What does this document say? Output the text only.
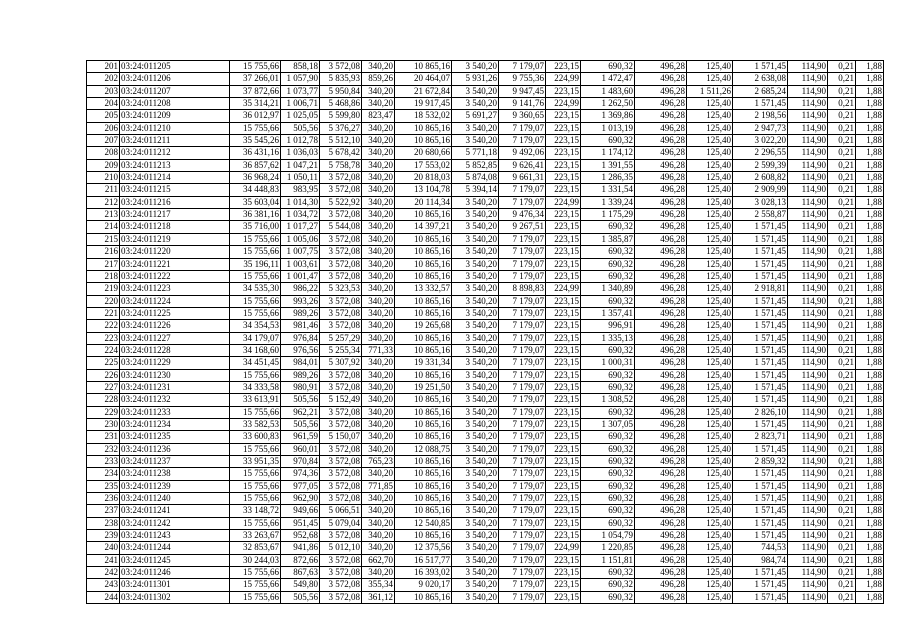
201	03:24:011205	15 755,66	858,18	3 572,08	340,20	10 865,16	3 540,20	7 179,07	223,15	690,32	496,28	125,40	1 571,45	114,90	0,21	1,88
202	03:24:011206	37 266,01	1 057,90	5 835,93	859,26	20 464,07	5 931,26	9 755,36	224,99	1 472,47	496,28	125,40	2 638,08	114,90	0,21	1,88
203	03:24:011207	37 872,66	1 073,77	5 950,84	340,20	21 672,84	3 540,20	9 947,45	223,15	1 483,60	496,28	1 511,26	2 685,24	114,90	0,21	1,88
204	03:24:011208	35 314,21	1 006,71	5 468,86	340,20	19 917,45	3 540,20	9 141,76	224,99	1 262,50	496,28	125,40	1 571,45	114,90	0,21	1,88
205	03:24:011209	36 012,97	1 025,05	5 599,80	823,47	18 532,02	5 691,27	9 360,65	223,15	1 369,86	496,28	125,40	2 198,56	114,90	0,21	1,88
206	03:24:011210	15 755,66	505,56	5 376,27	340,20	10 865,16	3 540,20	7 179,07	223,15	1 013,19	496,28	125,40	2 947,73	114,90	0,21	1,88
207	03:24:011211	35 545,26	1 012,78	5 512,10	340,20	10 865,16	3 540,20	7 179,07	223,15	690,32	496,28	125,40	3 022,20	114,90	0,21	1,88
208	03:24:011212	36 431,16	1 036,03	5 678,42	340,20	20 680,66	5 771,18	9 492,06	223,15	1 174,12	496,28	125,40	2 296,55	114,90	0,21	1,88
209	03:24:011213	36 857,62	1 047,21	5 758,78	340,20	17 553,02	5 852,85	9 626,41	223,15	1 391,55	496,28	125,40	2 599,39	114,90	0,21	1,88
210	03:24:011214	36 968,24	1 050,11	3 572,08	340,20	20 818,03	5 874,08	9 661,31	223,15	1 286,35	496,28	125,40	2 608,82	114,90	0,21	1,88
211	03:24:011215	34 448,83	983,95	3 572,08	340,20	13 104,78	5 394,14	7 179,07	223,15	1 331,54	496,28	125,40	2 909,99	114,90	0,21	1,88
212	03:24:011216	35 603,04	1 014,30	5 522,92	340,20	20 114,34	3 540,20	7 179,07	224,99	1 339,24	496,28	125,40	3 028,13	114,90	0,21	1,88
213	03:24:011217	36 381,16	1 034,72	3 572,08	340,20	10 865,16	3 540,20	9 476,34	223,15	1 175,29	496,28	125,40	2 558,87	114,90	0,21	1,88
214	03:24:011218	35 716,00	1 017,27	5 544,08	340,20	14 397,21	3 540,20	9 267,51	223,15	690,32	496,28	125,40	1 571,45	114,90	0,21	1,88
215	03:24:011219	15 755,66	1 005,06	3 572,08	340,20	10 865,16	3 540,20	7 179,07	223,15	1 385,87	496,28	125,40	1 571,45	114,90	0,21	1,88
216	03:24:011220	15 755,66	1 007,75	3 572,08	340,20	10 865,16	3 540,20	7 179,07	223,15	690,32	496,28	125,40	1 571,45	114,90	0,21	1,88
217	03:24:011221	35 196,11	1 003,61	3 572,08	340,20	10 865,16	3 540,20	7 179,07	223,15	690,32	496,28	125,40	1 571,45	114,90	0,21	1,88
218	03:24:011222	15 755,66	1 001,47	3 572,08	340,20	10 865,16	3 540,20	7 179,07	223,15	690,32	496,28	125,40	1 571,45	114,90	0,21	1,88
219	03:24:011223	34 535,30	986,22	5 323,53	340,20	13 332,57	3 540,20	8 898,83	224,99	1 340,89	496,28	125,40	2 918,81	114,90	0,21	1,88
220	03:24:011224	15 755,66	993,26	3 572,08	340,20	10 865,16	3 540,20	7 179,07	223,15	690,32	496,28	125,40	1 571,45	114,90	0,21	1,88
221	03:24:011225	15 755,66	989,26	3 572,08	340,20	10 865,16	3 540,20	7 179,07	223,15	1 357,41	496,28	125,40	1 571,45	114,90	0,21	1,88
222	03:24:011226	34 354,53	981,46	3 572,08	340,20	19 265,68	3 540,20	7 179,07	223,15	996,91	496,28	125,40	1 571,45	114,90	0,21	1,88
223	03:24:011227	34 179,07	976,84	5 257,29	340,20	10 865,16	3 540,20	7 179,07	223,15	1 335,13	496,28	125,40	1 571,45	114,90	0,21	1,88
224	03:24:011228	34 168,60	976,56	5 255,34	771,33	10 865,16	3 540,20	7 179,07	223,15	690,32	496,28	125,40	1 571,45	114,90	0,21	1,88
225	03:24:011229	34 451,45	984,01	5 307,92	340,20	19 331,34	3 540,20	7 179,07	223,15	1 000,31	496,28	125,40	1 571,45	114,90	0,21	1,88
226	03:24:011230	15 755,66	989,26	3 572,08	340,20	10 865,16	3 540,20	7 179,07	223,15	690,32	496,28	125,40	1 571,45	114,90	0,21	1,88
227	03:24:011231	34 333,58	980,91	3 572,08	340,20	19 251,50	3 540,20	7 179,07	223,15	690,32	496,28	125,40	1 571,45	114,90	0,21	1,88
228	03:24:011232	33 613,91	505,56	5 152,49	340,20	10 865,16	3 540,20	7 179,07	223,15	1 308,52	496,28	125,40	1 571,45	114,90	0,21	1,88
229	03:24:011233	15 755,66	962,21	3 572,08	340,20	10 865,16	3 540,20	7 179,07	223,15	690,32	496,28	125,40	2 826,10	114,90	0,21	1,88
230	03:24:011234	33 582,53	505,56	3 572,08	340,20	10 865,16	3 540,20	7 179,07	223,15	1 307,05	496,28	125,40	1 571,45	114,90	0,21	1,88
231	03:24:011235	33 600,83	961,59	5 150,07	340,20	10 865,16	3 540,20	7 179,07	223,15	690,32	496,28	125,40	2 823,71	114,90	0,21	1,88
232	03:24:011236	15 755,66	960,01	3 572,08	340,20	12 088,75	3 540,20	7 179,07	223,15	690,32	496,28	125,40	1 571,45	114,90	0,21	1,88
233	03:24:011237	33 951,35	970,84	3 572,08	765,23	10 865,16	3 540,20	7 179,07	223,15	690,32	496,28	125,40	2 859,32	114,90	0,21	1,88
234	03:24:011238	15 755,66	974,36	3 572,08	340,20	10 865,16	3 540,20	7 179,07	223,15	690,32	496,28	125,40	1 571,45	114,90	0,21	1,88
235	03:24:011239	15 755,66	977,05	3 572,08	771,85	10 865,16	3 540,20	7 179,07	223,15	690,32	496,28	125,40	1 571,45	114,90	0,21	1,88
236	03:24:011240	15 755,66	962,90	3 572,08	340,20	10 865,16	3 540,20	7 179,07	223,15	690,32	496,28	125,40	1 571,45	114,90	0,21	1,88
237	03:24:011241	33 148,72	949,66	5 066,51	340,20	10 865,16	3 540,20	7 179,07	223,15	690,32	496,28	125,40	1 571,45	114,90	0,21	1,88
238	03:24:011242	15 755,66	951,45	5 079,04	340,20	12 540,85	3 540,20	7 179,07	223,15	690,32	496,28	125,40	1 571,45	114,90	0,21	1,88
239	03:24:011243	33 263,67	952,68	3 572,08	340,20	10 865,16	3 540,20	7 179,07	223,15	1 054,79	496,28	125,40	1 571,45	114,90	0,21	1,88
240	03:24:011244	32 853,67	941,86	5 012,10	340,20	12 375,56	3 540,20	7 179,07	224,99	1 220,85	496,28	125,40	744,53	114,90	0,21	1,88
241	03:24:011245	30 244,03	872,66	3 572,08	662,70	16 517,77	3 540,20	7 179,07	223,15	1 151,81	496,28	125,40	984,74	114,90	0,21	1,88
242	03:24:011246	15 755,66	867,63	3 572,08	340,20	16 393,02	3 540,20	7 179,07	223,15	690,32	496,28	125,40	1 571,45	114,90	0,21	1,88
243	03:24:011301	15 755,66	549,80	3 572,08	355,34	9 020,17	3 540,20	7 179,07	223,15	690,32	496,28	125,40	1 571,45	114,90	0,21	1,88
244	03:24:011302	15 755,66	505,56	3 572,08	361,12	10 865,16	3 540,20	7 179,07	223,15	690,32	496,28	125,40	1 571,45	114,90	0,21	1,88
